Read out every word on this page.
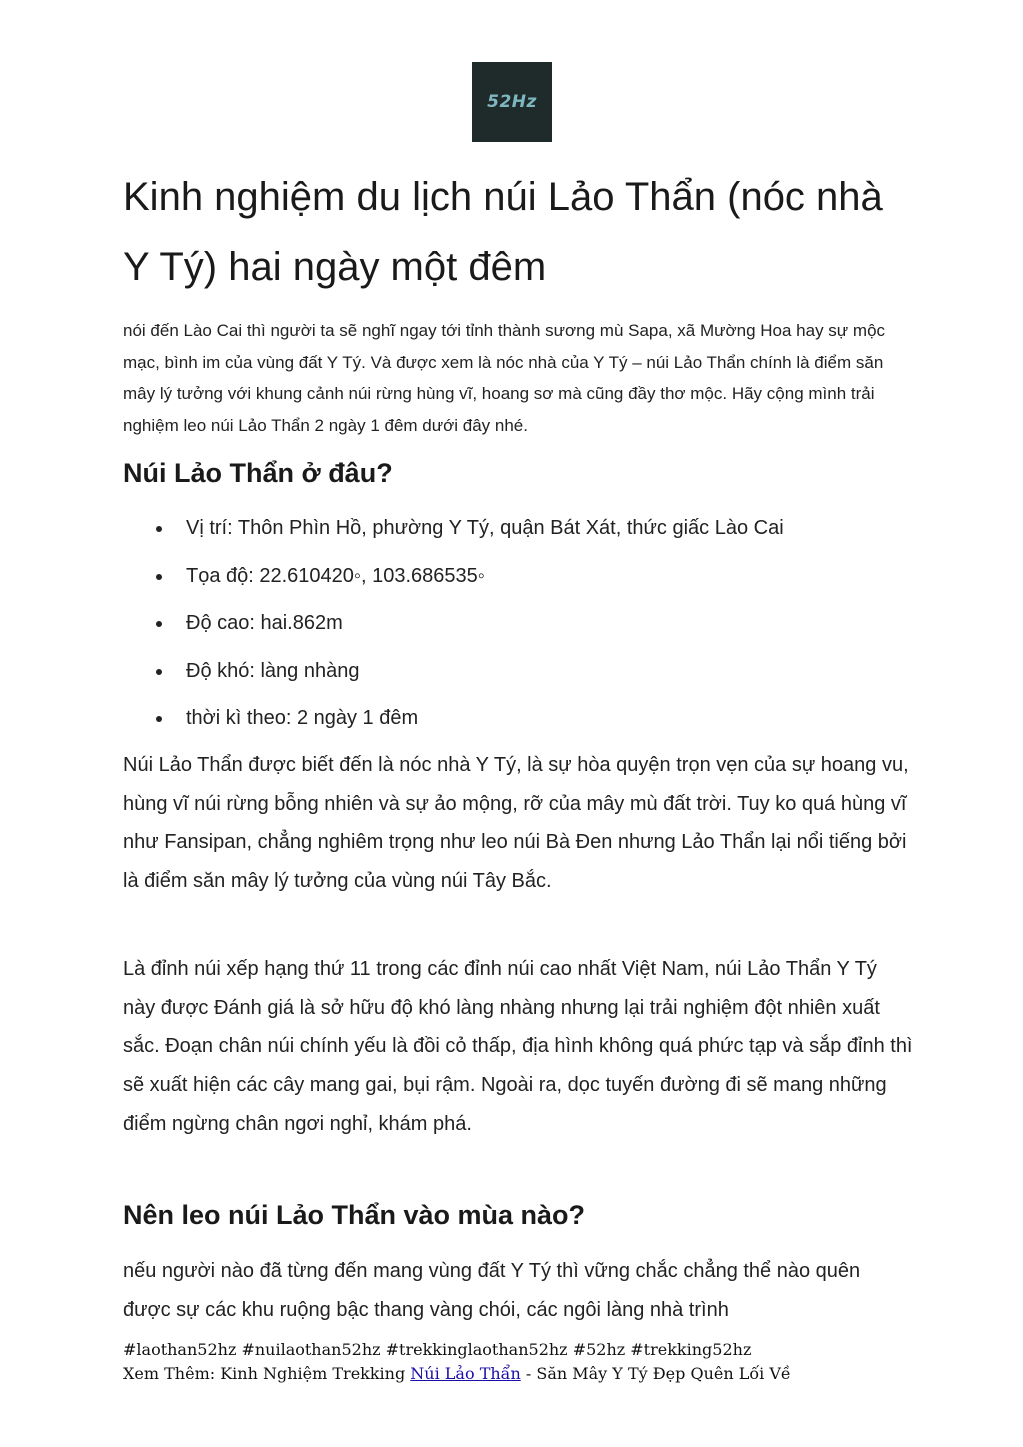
52Hz
Kinh nghiệm du lịch núi Lảo Thẩn (nóc nhà Y Tý) hai ngày một đêm

nói đến Lào Cai thì người ta sẽ nghĩ ngay tới tỉnh thành sương mù Sapa, xã Mường Hoa hay sự mộc mạc, bình im của vùng đất Y Tý. Và được xem là nóc nhà của Y Tý – núi Lảo Thẩn chính là điểm săn mây lý tưởng với khung cảnh núi rừng hùng vĩ, hoang sơ mà cũng đầy thơ mộc. Hãy cộng mình trải nghiệm leo núi Lảo Thẩn 2 ngày 1 đêm dưới đây nhé.

Núi Lảo Thẩn ở đâu?
Vị trí: Thôn Phìn Hồ, phường Y Tý, quận Bát Xát, thức giấc Lào Cai
Tọa độ: 22.610420◦, 103.686535◦
Độ cao: hai.862m
Độ khó: làng nhàng
thời kì theo: 2 ngày 1 đêm

Núi Lảo Thẩn được biết đến là nóc nhà Y Tý, là sự hòa quyện trọn vẹn của sự hoang vu, hùng vĩ núi rừng bỗng nhiên và sự ảo mộng, rỡ của mây mù đất trời. Tuy ko quá hùng vĩ như Fansipan, chẳng nghiêm trọng như leo núi Bà Đen nhưng Lảo Thẩn lại nổi tiếng bởi là điểm săn mây lý tưởng của vùng núi Tây Bắc.

Là đỉnh núi xếp hạng thứ 11 trong các đỉnh núi cao nhất Việt Nam, núi Lảo Thẩn Y Tý này được Đánh giá là sở hữu độ khó làng nhàng nhưng lại trải nghiệm đột nhiên xuất sắc. Đoạn chân núi chính yếu là đồi cỏ thấp, địa hình không quá phức tạp và sắp đỉnh thì sẽ xuất hiện các cây mang gai, bụi rậm. Ngoài ra, dọc tuyến đường đi sẽ mang những điểm ngừng chân ngơi nghỉ, khám phá.

Nên leo núi Lảo Thẩn vào mùa nào?

nếu người nào đã từng đến mang vùng đất Y Tý thì vững chắc chẳng thể nào quên được sự các khu ruộng bậc thang vàng chói, các ngôi làng nhà trình

#laothan52hz #nuilaothan52hz #trekkinglaothan52hz #52hz #trekking52hz
Xem Thêm: Kinh Nghiệm Trekking Núi Lảo Thẩn - Săn Mây Y Tý Đẹp Quên Lối Về
